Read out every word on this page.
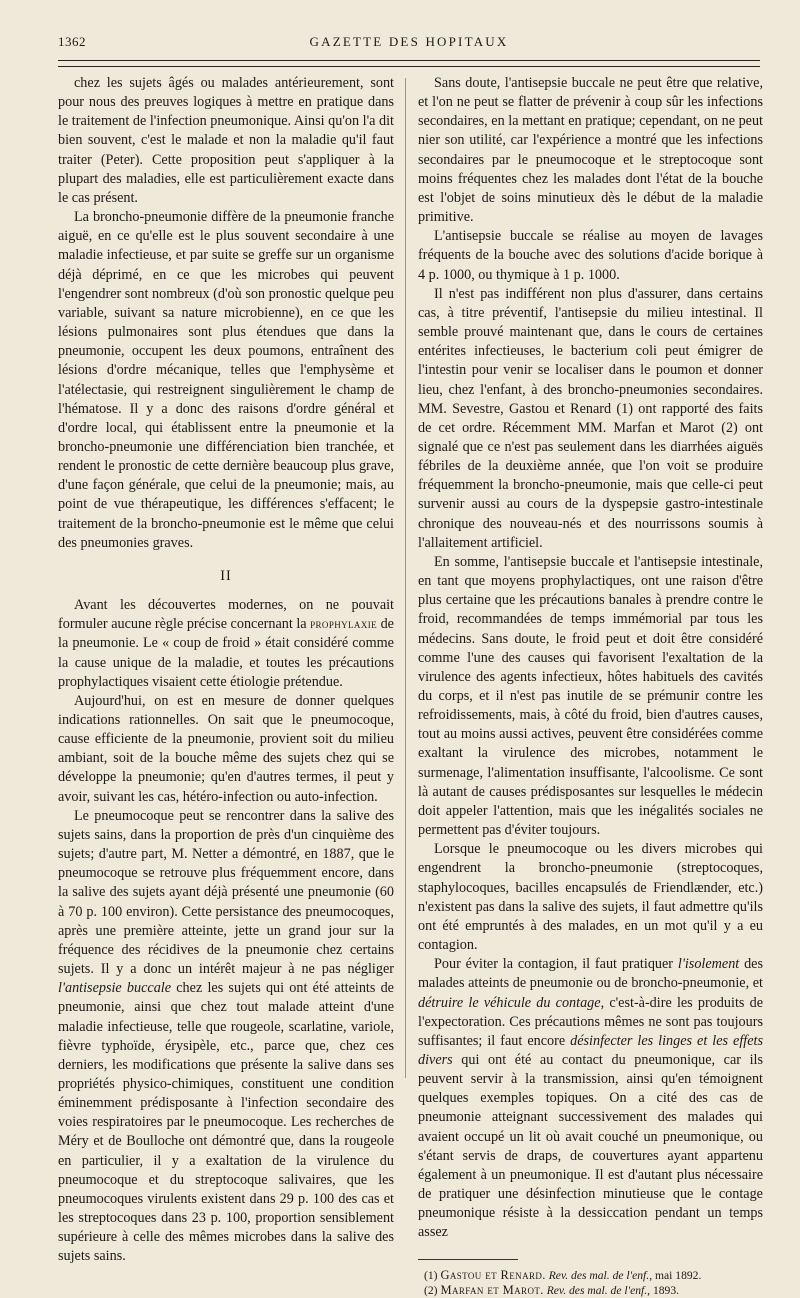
1362	GAZETTE DES HOPITAUX

chez les sujets âgés ou malades antérieurement, sont pour nous des preuves logiques à mettre en pratique dans le traitement de l'infection pneumonique. Ainsi qu'on l'a dit bien souvent, c'est le malade et non la maladie qu'il faut traiter (Peter). Cette proposition peut s'appliquer à la plupart des maladies, elle est particulièrement exacte dans le cas présent.

La broncho-pneumonie diffère de la pneumonie franche aiguë, en ce qu'elle est le plus souvent secondaire à une maladie infectieuse, et par suite se greffe sur un organisme déjà déprimé, en ce que les microbes qui peuvent l'engendrer sont nombreux (d'où son pronostic quelque peu variable, suivant sa nature microbienne), en ce que les lésions pulmonaires sont plus étendues que dans la pneumonie, occupent les deux poumons, entraînent des lésions d'ordre mécanique, telles que l'emphysème et l'atélectasie, qui restreignent singulièrement le champ de l'hématose. Il y a donc des raisons d'ordre général et d'ordre local, qui établissent entre la pneumonie et la broncho-pneumonie une différenciation bien tranchée, et rendent le pronostic de cette dernière beaucoup plus grave, d'une façon générale, que celui de la pneumonie; mais, au point de vue thérapeutique, les différences s'effacent; le traitement de la broncho-pneumonie est le même que celui des pneumonies graves.

II

Avant les découvertes modernes, on ne pouvait formuler aucune règle précise concernant la prophylaxie de la pneumonie. Le « coup de froid » était considéré comme la cause unique de la maladie, et toutes les précautions prophylactiques visaient cette étiologie prétendue.

Aujourd'hui, on est en mesure de donner quelques indications rationnelles. On sait que le pneumocoque, cause efficiente de la pneumonie, provient soit du milieu ambiant, soit de la bouche même des sujets chez qui se développe la pneumonie; qu'en d'autres termes, il peut y avoir, suivant les cas, hétéro-infection ou auto-infection.

Le pneumocoque peut se rencontrer dans la salive des sujets sains, dans la proportion de près d'un cinquième des sujets; d'autre part, M. Netter a démontré, en 1887, que le pneumocoque se retrouve plus fréquemment encore, dans la salive des sujets ayant déjà présenté une pneumonie (60 à 70 p. 100 environ). Cette persistance des pneumocoques, après une première atteinte, jette un grand jour sur la fréquence des récidives de la pneumonie chez certains sujets. Il y a donc un intérêt majeur à ne pas négliger l'antisepsie buccale chez les sujets qui ont été atteints de pneumonie, ainsi que chez tout malade atteint d'une maladie infectieuse, telle que rougeole, scarlatine, variole, fièvre typhoïde, érysipèle, etc., parce que, chez ces derniers, les modifications que présente la salive dans ses propriétés physico-chimiques, constituent une condition éminemment prédisposante à l'infection secondaire des voies respiratoires par le pneumocoque. Les recherches de Méry et de Boulloche ont démontré que, dans la rougeole en particulier, il y a exaltation de la virulence du pneumocoque et du streptocoque salivaires, que les pneumocoques virulents existent dans 29 p. 100 des cas et les streptocoques dans 23 p. 100, proportion sensiblement supérieure à celle des mêmes microbes dans la salive des sujets sains.

Sans doute, l'antisepsie buccale ne peut être que relative, et l'on ne peut se flatter de prévenir à coup sûr les infections secondaires, en la mettant en pratique; cependant, on ne peut nier son utilité, car l'expérience a montré que les infections secondaires par le pneumocoque et le streptocoque sont moins fréquentes chez les malades dont l'état de la bouche est l'objet de soins minutieux dès le début de la maladie primitive.

L'antisepsie buccale se réalise au moyen de lavages fréquents de la bouche avec des solutions d'acide borique à 4 p. 1000, ou thymique à 1 p. 1000.

Il n'est pas indifférent non plus d'assurer, dans certains cas, à titre préventif, l'antisepsie du milieu intestinal. Il semble prouvé maintenant que, dans le cours de certaines entérites infectieuses, le bacterium coli peut émigrer de l'intestin pour venir se localiser dans le poumon et donner lieu, chez l'enfant, à des broncho-pneumonies secondaires. MM. Sevestre, Gastou et Renard (1) ont rapporté des faits de cet ordre. Récemment MM. Marfan et Marot (2) ont signalé que ce n'est pas seulement dans les diarrhées aiguës fébriles de la deuxième année, que l'on voit se produire fréquemment la broncho-pneumonie, mais que celle-ci peut survenir aussi au cours de la dyspepsie gastro-intestinale chronique des nouveau-nés et des nourrissons soumis à l'allaitement artificiel.

En somme, l'antisepsie buccale et l'antisepsie intestinale, en tant que moyens prophylactiques, ont une raison d'être plus certaine que les précautions banales à prendre contre le froid, recommandées de temps immémorial par tous les médecins. Sans doute, le froid peut et doit être considéré comme l'une des causes qui favorisent l'exaltation de la virulence des agents infectieux, hôtes habituels des cavités du corps, et il n'est pas inutile de se prémunir contre les refroidissements, mais, à côté du froid, bien d'autres causes, tout au moins aussi actives, peuvent être considérées comme exaltant la virulence des microbes, notamment le surmenage, l'alimentation insuffisante, l'alcoolisme. Ce sont là autant de causes prédisposantes sur lesquelles le médecin doit appeler l'attention, mais que les inégalités sociales ne permettent pas d'éviter toujours.

Lorsque le pneumocoque ou les divers microbes qui engendrent la broncho-pneumonie (streptocoques, staphylocoques, bacilles encapsulés de Friendlænder, etc.) n'existent pas dans la salive des sujets, il faut admettre qu'ils ont été empruntés à des malades, en un mot qu'il y a eu contagion.

Pour éviter la contagion, il faut pratiquer l'isolement des malades atteints de pneumonie ou de broncho-pneumonie, et détruire le véhicule du contage, c'est-à-dire les produits de l'expectoration. Ces précautions mêmes ne sont pas toujours suffisantes; il faut encore désinfecter les linges et les effets divers qui ont été au contact du pneumonique, car ils peuvent servir à la transmission, ainsi qu'en témoignent quelques exemples topiques. On a cité des cas de pneumonie atteignant successivement des malades qui avaient occupé un lit où avait couché un pneumonique, ou s'étant servis de draps, de couvertures ayant appartenu également à un pneumonique. Il est d'autant plus nécessaire de pratiquer une désinfection minutieuse que le contage pneumonique résiste à la dessiccation pendant un temps assez

(1) Gastou et Renard. Rev. des mal. de l'enf., mai 1892.

(2) Marfan et Marot. Rev. des mal. de l'enf., 1893.
